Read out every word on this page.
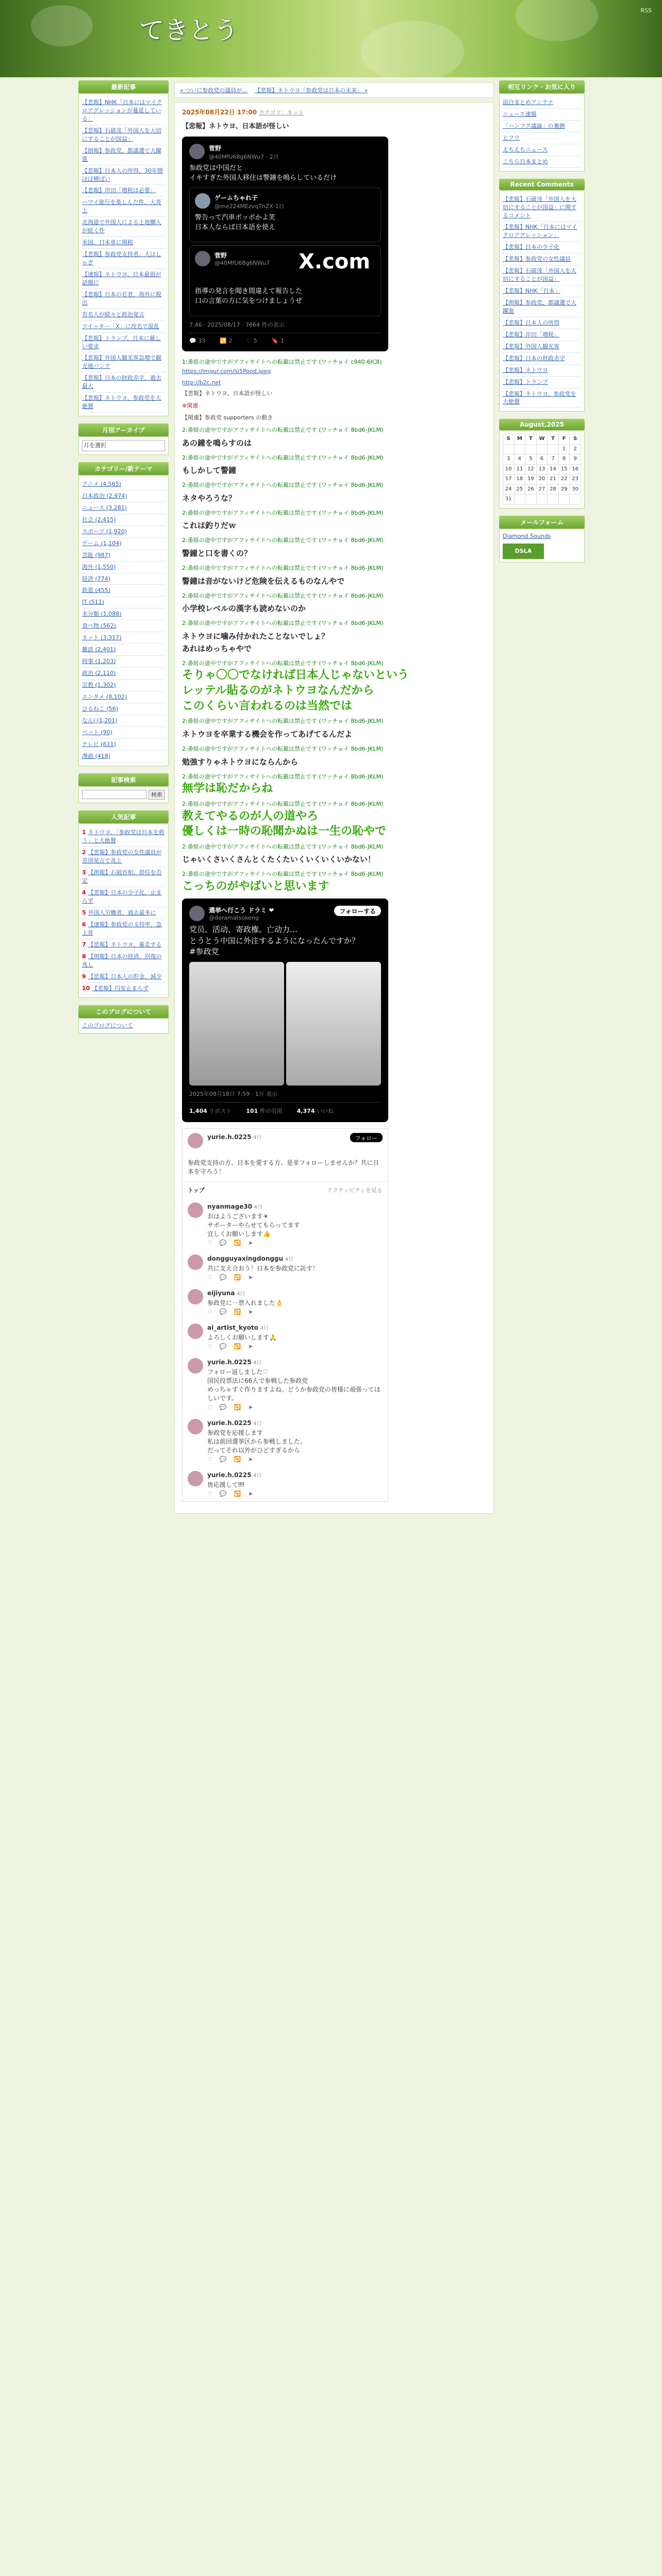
てきとう
RSS
最新記事
【悲報】NHK「日本にはマイクロアグレッションが蔓延している」
【悲報】石破茂「外国人を大切にすることが国益」
【朗報】参政党、都議選で大躍進
【悲報】日本人の所得、30年間ほぼ横ばい
【悲報】岸田「増税は必要」
ハワイ旅行を楽しんだ件、大炎上
北海道で外国人による土地購入が続く件
米国、日本車に関税
【悲報】参政党支持者、大はしゃぎ
【速報】ネトウヨ、日本最弱が話題に
【悲報】日本の若者、海外に脱出
有名人が続々と政治発言
ツイッター「X」に改名で混乱
【悲報】トランプ、日本に厳しい要求
【悲報】外国人観光客急増で観光地パンク
【悲報】日本の財政赤字、過去最大
【悲報】ネトウヨ、参政党を大絶賛
月別アーカイブ
月を選択
カテゴリー/新テーマ
アニメ (4,565)
日本政治 (2,974)
ニュース (3,281)
社会 (2,415)
スポーツ (1,920)
ゲーム (1,104)
芸能 (987)
海外 (1,550)
経済 (774)
鉄道 (455)
IT (511)
未分類 (1,088)
食べ物 (562)
ネット (3,317)
雑談 (2,401)
時事 (1,203)
政治 (2,110)
宗教 (1,302)
エンタメ (8,102)
ひるねこ (56)
なんj (1,201)
ペット (90)
テレビ (611)
漫画 (418)
記事検索
検索
人気記事
1 ネトウヨ、「参政党は日本を救う」と大絶賛
2 【悲報】参政党の女性議員が差別発言で炎上
3 【朗報】石破首相、辞任を否定
4 【悲報】日本の少子化、止まらず
5 外国人労働者、過去最多に
6 【速報】参政党の支持率、急上昇
7 【悲報】ネトウヨ、暴走する
8 【朗報】日本の経済、回復の兆し
9 【悲報】日本人の貯金、減少
10 【悲報】円安止まらず
このブログについて
このブログについて
« ついに参政党の議員が… 【悲報】ネトウヨ「参政党は日本の未来」 »
2025年08月22日 17:00 カテゴリ：ネット
【悲報】ネトウヨ、日本語が怪しい
菅野
@40MfU68g6NWu7 · 2日
参政党は中国だと
イキすぎた外国人移住は警鐘を鳴らしているだけ
ゲームちゃれ子
@me224MEzvqThZX·1日
警告って汽車ポッポかよ笑
日本人ならば日本語を使え
X.com
菅野
@40MfU68g6NWu7
指導の発言を聞き間違えて報告した
口の言葉の方に気をつけましょうぜ
7:46 · 2025/08/17 · 7664 件の表示
💬 33	🔁 2	♡ 5	🔖 1
1:番組の途中ですがアフィサイトへの転載は禁止です (ワッチョイ c940-6IC8)
https://imgur.com/lo5Pood.jpeg
http://b2c.net
【悲報】ネトウヨ、日本語が怪しい
※関連
【関連】参政党 supporters の動き
2:番組の途中ですがアフィサイトへの転載は禁止です (ワッチョイ 8bd6-JKLM)
あの鐘を鳴らすのは
2:番組の途中ですがアフィサイトへの転載は禁止です (ワッチョイ 8bd6-JKLM)
もしかして警鐘
2:番組の途中ですがアフィサイトへの転載は禁止です (ワッチョイ 8bd6-JKLM)
ネタやろうな？
2:番組の途中ですがアフィサイトへの転載は禁止です (ワッチョイ 8bd6-JKLM)
これは釣りだｗ
2:番組の途中ですがアフィサイトへの転載は禁止です (ワッチョイ 8bd6-JKLM)
警鐘と口を書くの？
2:番組の途中ですがアフィサイトへの転載は禁止です (ワッチョイ 8bd6-JKLM)
警鐘は音がないけど危険を伝えるものなんやで
2:番組の途中ですがアフィサイトへの転載は禁止です (ワッチョイ 8bd6-JKLM)
小学校レベルの漢字も読めないのか
2:番組の途中ですがアフィサイトへの転載は禁止です (ワッチョイ 8bd6-JKLM)
ネトウヨに噛み付かれたことないでしょ？
あれはめっちゃやで
2:番組の途中ですがアフィサイトへの転載は禁止です (ワッチョイ 8bd6-JKLM)
そりゃ〇〇でなければ日本人じゃないという
レッテル貼るのがネトウヨなんだから
このくらい言われるのは当然では
2:番組の途中ですがアフィサイトへの転載は禁止です (ワッチョイ 8bd6-JKLM)
ネトウヨを卒業する機会を作ってあげてるんだよ
2:番組の途中ですがアフィサイトへの転載は禁止です (ワッチョイ 8bd6-JKLM)
勉強すりゃネトウヨにならんから
2:番組の途中ですがアフィサイトへの転載は禁止です (ワッチョイ 8bd6-JKLM)
無学は恥だからね
2:番組の途中ですがアフィサイトへの転載は禁止です (ワッチョイ 8bd6-JKLM)
教えてやるのが人の道やろ
優しくは一時の恥聞かぬは一生の恥やで
2:番組の途中ですがアフィサイトへの転載は禁止です (ワッチョイ 8bd6-JKLM)
じゃいくさいくさんとくたくたいくいくいくいかない！
2:番組の途中ですがアフィサイトへの転載は禁止です (ワッチョイ 8bd6-JKLM)
こっちのがやばいと思います
選挙へ行こう ドラミ ❤
@doramatsokeng
フォローする
党员、活动、寄政権。亡动力…
とうとう中国に外注するようになったんですか？
#参政党
2025年08月18日 7:59 · 1万 表示
1,404 リポスト	101 件の引用	4,374 いいね
yurie.h.0225 4日	フォロー
参政党支持の方、日本を愛する方、是非フォローしませんか？共に日本を守ろう！
トップ	アクティビティを見る
nyanmage30 4日
おはようございます☀
サポーターやらせてもらってます
宜しくお願いします👍
♡ 💬 🔁 ➤
dongguyaxingdonggu 4日
共に支え合おう！日本を参政党に託す！
♡ 💬 🔁 ➤
eijiyuna 4日
参政党に一票入れました👌
♡ 💬 🔁 ➤
ai_artist_kyoto 4日
よろしくお願いします🙏
♡ 💬 🔁 ➤
yurie.h.0225 4日
フォロー返しました♡
国民投票法に66人で参戦した参政党
めっちゃすぐ作りますよね。どうか参政党の皆様に頑張ってほしいです。
♡ 💬 🔁 ➤
yurie.h.0225 4日
参政党を応援します
私は前回選挙区から参戦しました。
だってそれ以外がひどすぎるから
♡ 💬 🔁 ➤
yurie.h.0225 4日
皆応援して‼‼
♡ 💬 🔁 ➤
相互リンク・お気に入り
面白まとめアンテナ
ニュース速報
「ハンフク議論」の裏側
ヒフウ
えちえちニュース
こちら日本まとめ
Recent Comments
【悲報】石破茂「外国人を大切にすることが国益」に関するコメント
【悲報】NHK「日本にはマイクロアグレッション」
【悲報】日本の少子化
【悲報】参政党の女性議員
【悲報】石破茂「外国人を大切にすることが国益」
【悲報】NHK「日本」
【朗報】参政党、都議選で大躍進
【悲報】日本人の所得
【悲報】岸田「増税」
【悲報】外国人観光客
【悲報】日本の財政赤字
【悲報】ネトウヨ
【悲報】トランプ
【悲報】ネトウヨ、参政党を大絶賛
August,2025
S	M	T	W	T	F	S
					1	2
3	4	5	6	7	8	9
10	11	12	13	14	15	16
17	18	19	20	21	22	23
24	25	26	27	28	29	30
31						
メールフォーム
Diamond Sounds
DSLA
